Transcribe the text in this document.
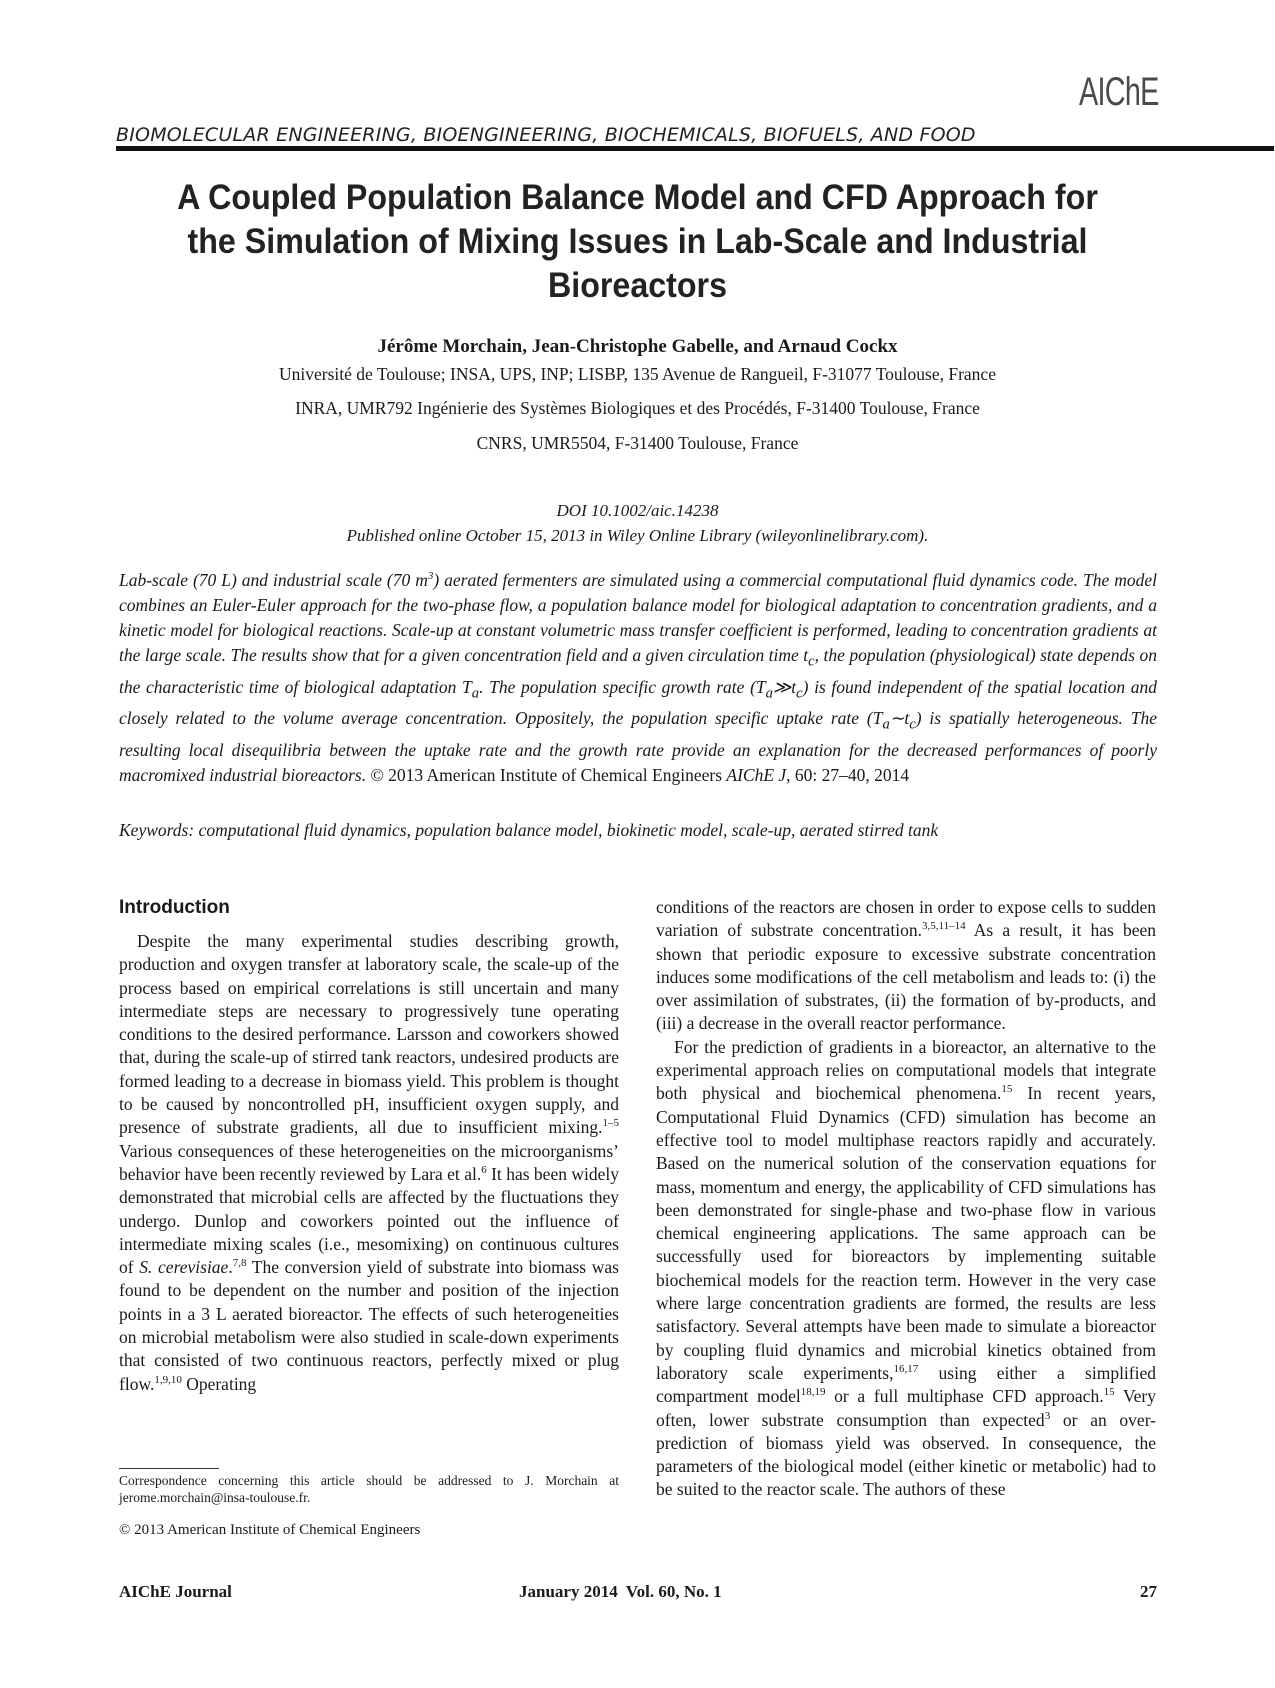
AIChE
BIOMOLECULAR ENGINEERING, BIOENGINEERING, BIOCHEMICALS, BIOFUELS, AND FOOD
A Coupled Population Balance Model and CFD Approach for
the Simulation of Mixing Issues in Lab-Scale and Industrial
Bioreactors
Jérôme Morchain, Jean-Christophe Gabelle, and Arnaud Cockx
Université de Toulouse; INSA, UPS, INP; LISBP, 135 Avenue de Rangueil, F-31077 Toulouse, France
INRA, UMR792 Ingénierie des Systèmes Biologiques et des Procédés, F-31400 Toulouse, France
CNRS, UMR5504, F-31400 Toulouse, France
DOI 10.1002/aic.14238
Published online October 15, 2013 in Wiley Online Library (wileyonlinelibrary.com).
Lab-scale (70 L) and industrial scale (70 $m^3$) aerated fermenters are simulated using a commercial computational fluid dynamics code. The model combines an Euler-Euler approach for the two-phase flow, a population balance model for biological adaptation to concentration gradients, and a kinetic model for biological reactions. Scale-up at constant volumetric mass transfer coefficient is performed, leading to concentration gradients at the large scale. The results show that for a given concentration field and a given circulation time $t_c$, the population (physiological) state depends on the characteristic time of biological adaptation $T_a$. The population specific growth rate $(T_a≫t_c)$ is found independent of the spatial location and closely related to the volume average concentration. Oppositely, the population specific uptake rate $(T_a\sim t_c)$ is spatially heterogeneous. The resulting local disequilibria between the uptake rate and the growth rate provide an explanation for the decreased performances of poorly macromixed industrial bioreactors. © 2013 American Institute of Chemical Engineers AIChE J, 60: 27–40, 2014
Keywords: computational fluid dynamics, population balance model, biokinetic model, scale-up, aerated stirred tank
Introduction

Despite the many experimental studies describing growth, production and oxygen transfer at laboratory scale, the scale-up of the process based on empirical correlations is still uncertain and many intermediate steps are necessary to progressively tune operating conditions to the desired performance. Larsson and coworkers showed that, during the scale-up of stirred tank reactors, undesired products are formed leading to a decrease in biomass yield. This problem is thought to be caused by noncontrolled pH, insufficient oxygen supply, and presence of substrate gradients, all due to insufficient mixing.$^{1-5}$ Various consequences of these heterogeneities on the microorganisms’ behavior have been recently reviewed by Lara et al.$^6$ It has been widely demonstrated that microbial cells are affected by the fluctuations they undergo. Dunlop and coworkers pointed out the influence of intermediate mixing scales (i.e., mesomixing) on continuous cultures of S. cerevisiae.$^{7,8}$ The conversion yield of substrate into biomass was found to be dependent on the number and position of the injection points in a 3 L aerated bioreactor. The effects of such heterogeneities on microbial metabolism were also studied in scale-down experiments that consisted of two continuous reactors, perfectly mixed or plug flow.$^{1,9,10}$ Operating

conditions of the reactors are chosen in order to expose cells to sudden variation of substrate concentration.$^{3,5,11-14}$ As a result, it has been shown that periodic exposure to excessive substrate concentration induces some modifications of the cell metabolism and leads to: (i) the over assimilation of substrates, (ii) the formation of by-products, and (iii) a decrease in the overall reactor performance.

For the prediction of gradients in a bioreactor, an alternative to the experimental approach relies on computational models that integrate both physical and biochemical phenomena.$^{15}$ In recent years, Computational Fluid Dynamics (CFD) simulation has become an effective tool to model multiphase reactors rapidly and accurately. Based on the numerical solution of the conservation equations for mass, momentum and energy, the applicability of CFD simulations has been demonstrated for single-phase and two-phase flow in various chemical engineering applications. The same approach can be successfully used for bioreactors by implementing suitable biochemical models for the reaction term. However in the very case where large concentration gradients are formed, the results are less satisfactory. Several attempts have been made to simulate a bioreactor by coupling fluid dynamics and microbial kinetics obtained from laboratory scale experiments,$^{16,17}$ using either a simplified compartment model$^{18,19}$ or a full multiphase CFD approach.$^{15}$ Very often, lower substrate consumption than expected$^3$ or an over-prediction of biomass yield was observed. In consequence, the parameters of the biological model (either kinetic or metabolic) had to be suited to the reactor scale. The authors of these

Correspondence concerning this article should be addressed to J. Morchain at jerome.morchain@insa-toulouse.fr.
© 2013 American Institute of Chemical Engineers
AIChE Journal	January 2014  Vol. 60, No. 1	27
